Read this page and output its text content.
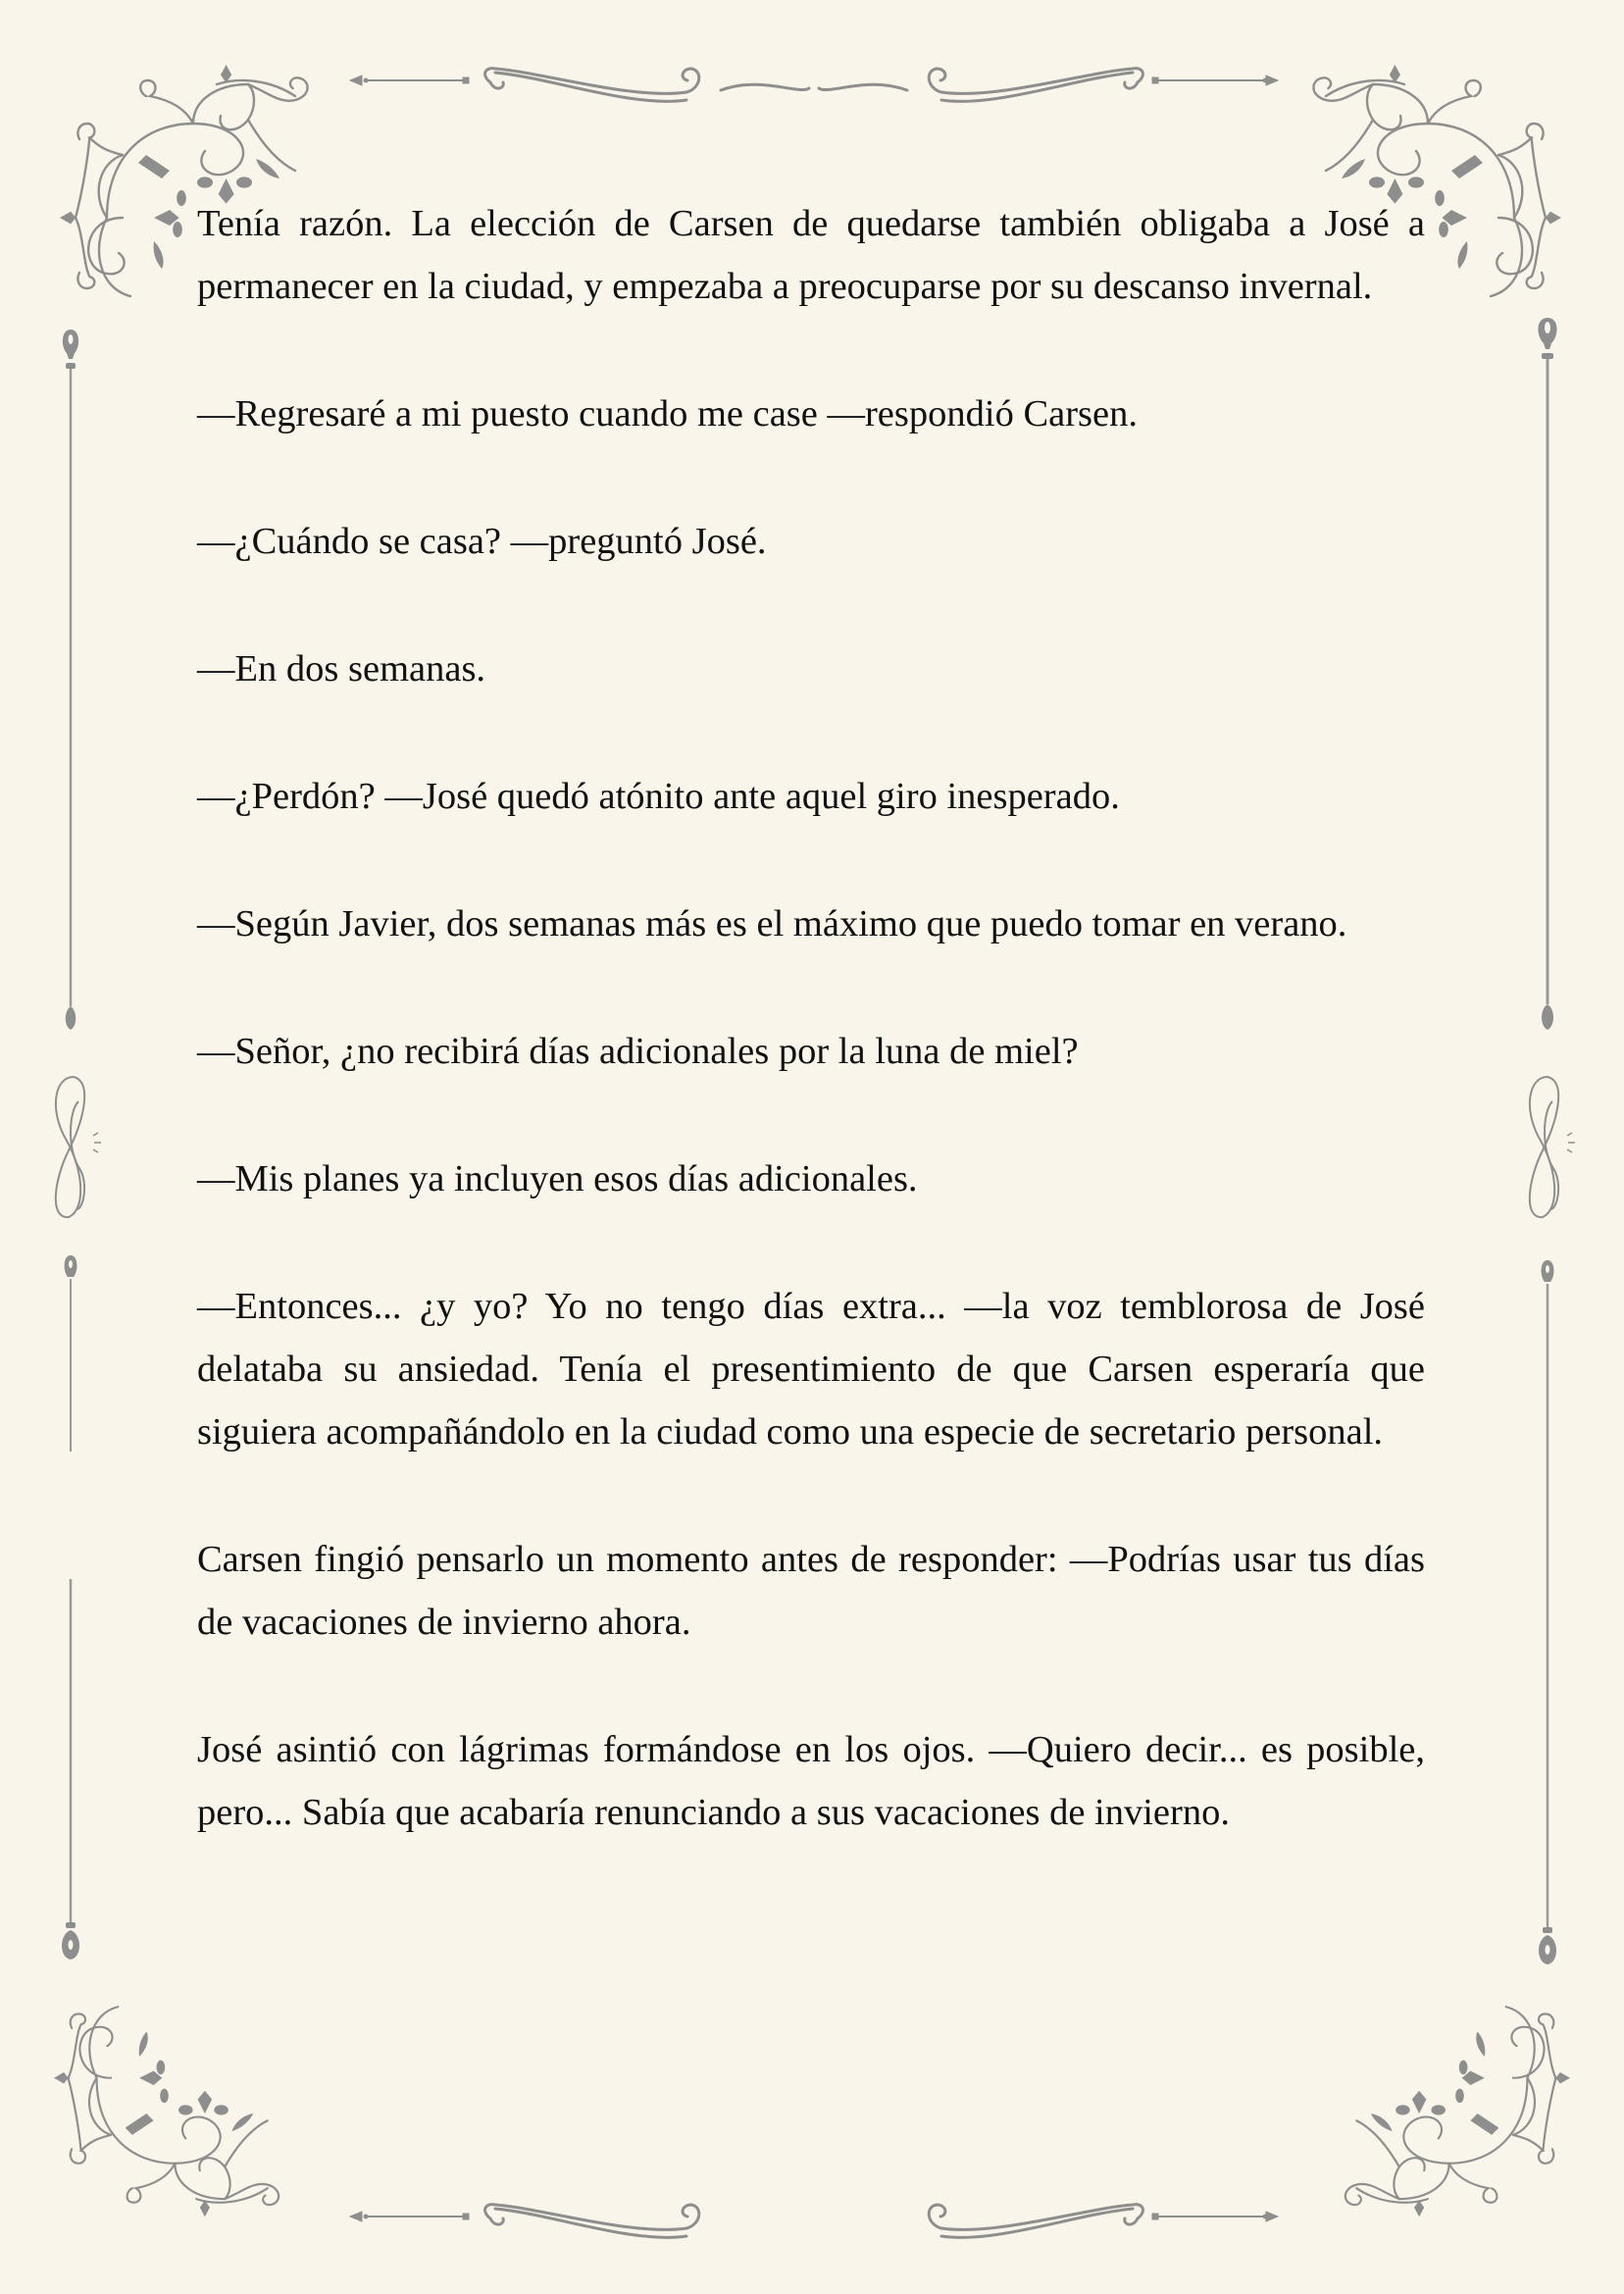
Tenía razón. La elección de Carsen de quedarse también obligaba a José a permanecer en la ciudad, y empezaba a preocuparse por su descanso invernal.

—Regresaré a mi puesto cuando me case —respondió Carsen.

—¿Cuándo se casa? —preguntó José.

—En dos semanas.

—¿Perdón? —José quedó atónito ante aquel giro inesperado.

—Según Javier, dos semanas más es el máximo que puedo tomar en verano.

—Señor, ¿no recibirá días adicionales por la luna de miel?

—Mis planes ya incluyen esos días adicionales.

—Entonces... ¿y yo? Yo no tengo días extra... —la voz temblorosa de José delataba su ansiedad. Tenía el presentimiento de que Carsen esperaría que siguiera acompañándolo en la ciudad como una especie de secretario personal.

Carsen fingió pensarlo un momento antes de responder: —Podrías usar tus días de vacaciones de invierno ahora.

José asintió con lágrimas formándose en los ojos. —Quiero decir... es posible, pero... Sabía que acabaría renunciando a sus vacaciones de invierno.
